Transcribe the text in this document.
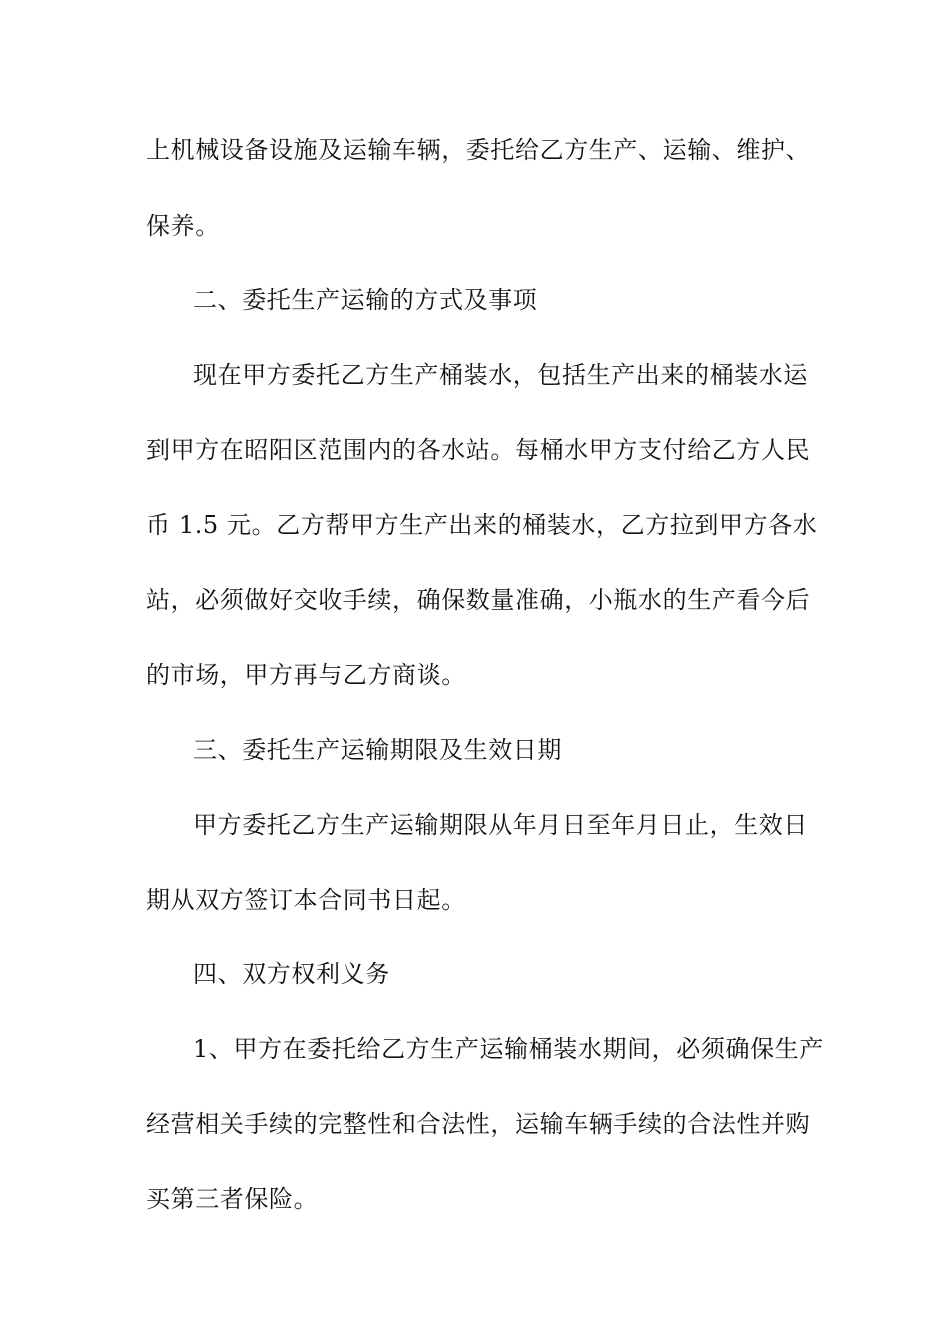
上机械设备设施及运输车辆，委托给乙方生产、运输、维护、
保养。
二、委托生产运输的方式及事项
现在甲方委托乙方生产桶装水，包括生产出来的桶装水运
到甲方在昭阳区范围内的各水站。每桶水甲方支付给乙方人民
币 1.5 元。乙方帮甲方生产出来的桶装水，乙方拉到甲方各水
站，必须做好交收手续，确保数量准确，小瓶水的生产看今后
的市场，甲方再与乙方商谈。
三、委托生产运输期限及生效日期
甲方委托乙方生产运输期限从年月日至年月日止，生效日
期从双方签订本合同书日起。
四、双方权利义务
1、甲方在委托给乙方生产运输桶装水期间，必须确保生产
经营相关手续的完整性和合法性，运输车辆手续的合法性并购
买第三者保险。
